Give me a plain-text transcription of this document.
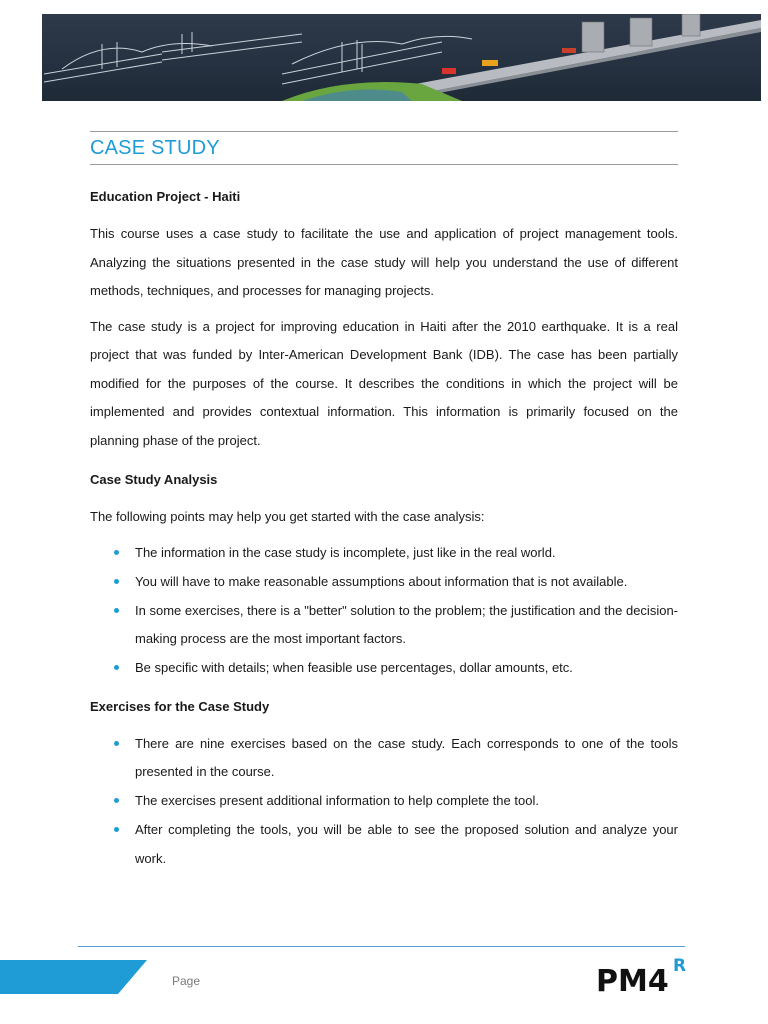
CASE STUDY
Education Project - Haiti

This course uses a case study to facilitate the use and application of project management tools. Analyzing the situations presented in the case study will help you understand the use of different methods, techniques, and processes for managing projects.

The case study is a project for improving education in Haiti after the 2010 earthquake. It is a real project that was funded by Inter-American Development Bank (IDB). The case has been partially modified for the purposes of the course. It describes the conditions in which the project will be implemented and provides contextual information. This information is primarily focused on the planning phase of the project.

Case Study Analysis

The following points may help you get started with the case analysis:

The information in the case study is incomplete, just like in the real world.
You will have to make reasonable assumptions about information that is not available.
In some exercises, there is a "better" solution to the problem; the justification and the decision-making process are the most important factors.
Be specific with details; when feasible use percentages, dollar amounts, etc.
Exercises for the Case Study
There are nine exercises based on the case study. Each corresponds to one of the tools presented in the course.
The exercises present additional information to help complete the tool.
After completing the tools, you will be able to see the proposed solution and analyze your work.
Page	PM4 R
